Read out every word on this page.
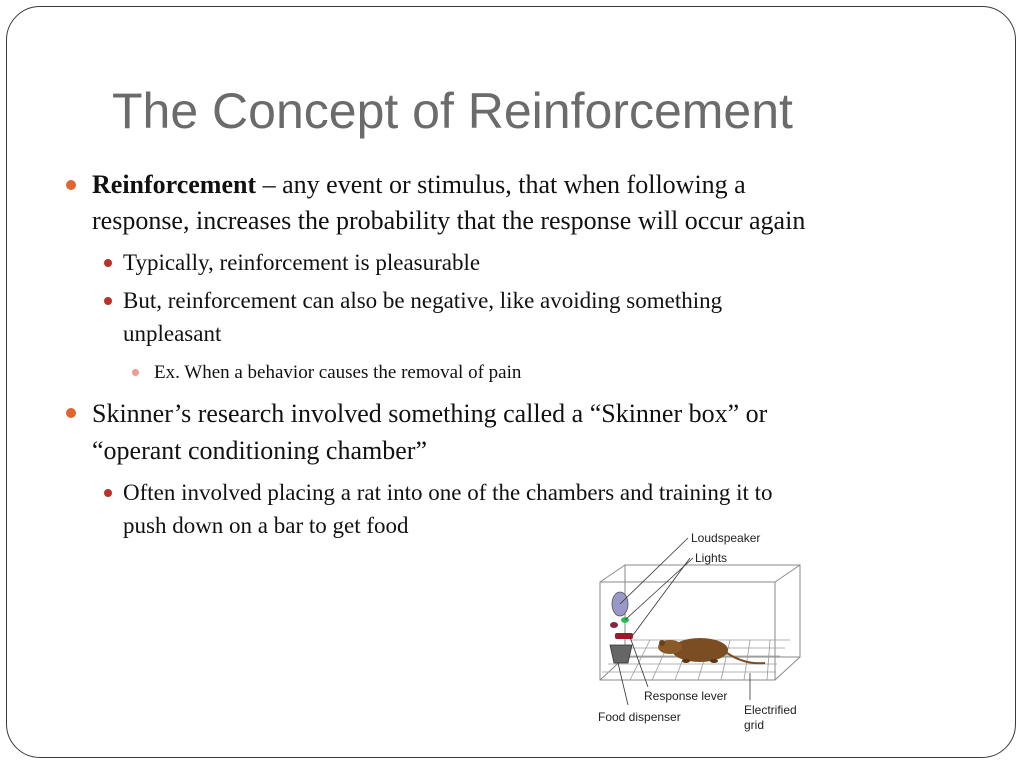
The Concept of Reinforcement
Reinforcement – any event or stimulus, that when following a
response, increases the probability that the response will occur again
Typically, reinforcement is pleasurable
But, reinforcement can also be negative, like avoiding something
unpleasant
Ex. When a behavior causes the removal of pain
Skinner’s research involved something called a “Skinner box” or
“operant conditioning chamber”
Often involved placing a rat into one of the chambers and training it to
push down on a bar to get food	Loudspeaker
Lights
Response lever
Food dispenser	Electrified
grid
